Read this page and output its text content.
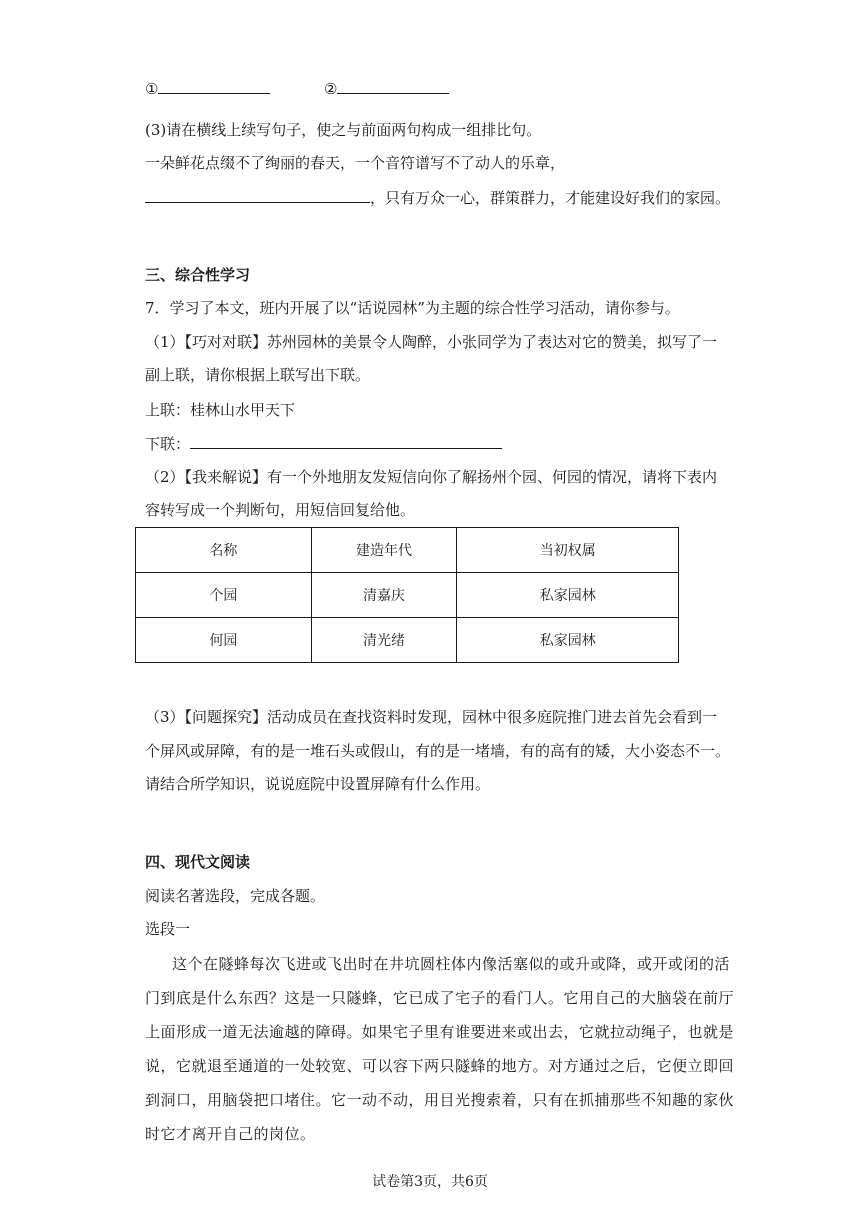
①	②
(3)请在横线上续写句子，使之与前面两句构成一组排比句。
一朵鲜花点缀不了绚丽的春天，一个音符谱写不了动人的乐章，
，只有万众一心，群策群力，才能建设好我们的家园。
三、综合性学习
7．学习了本文，班内开展了以“话说园林”为主题的综合性学习活动，请你参与。
（1）【巧对对联】苏州园林的美景令人陶醉，小张同学为了表达对它的赞美，拟写了一
副上联，请你根据上联写出下联。
上联：桂林山水甲天下
下联：
（2）【我来解说】有一个外地朋友发短信向你了解扬州个园、何园的情况，请将下表内
容转写成一个判断句，用短信回复给他。
名称	建造年代	当初权属
个园	清嘉庆	私家园林
何园	清光绪	私家园林
（3）【问题探究】活动成员在查找资料时发现，园林中很多庭院推门进去首先会看到一
个屏风或屏障，有的是一堆石头或假山，有的是一堵墙，有的高有的矮，大小姿态不一。
请结合所学知识，说说庭院中设置屏障有什么作用。
四、现代文阅读
阅读名著选段，完成各题。
选段一
这个在隧蜂每次飞进或飞出时在井坑圆柱体内像活塞似的或升或降，或开或闭的活
门到底是什么东西？这是一只隧蜂，它已成了宅子的看门人。它用自己的大脑袋在前厅
上面形成一道无法逾越的障碍。如果宅子里有谁要进来或出去，它就拉动绳子，也就是
说，它就退至通道的一处较宽、可以容下两只隧蜂的地方。对方通过之后，它便立即回
到洞口，用脑袋把口堵住。它一动不动，用目光搜索着，只有在抓捕那些不知趣的家伙
时它才离开自己的岗位。
试卷第3页，共6页
